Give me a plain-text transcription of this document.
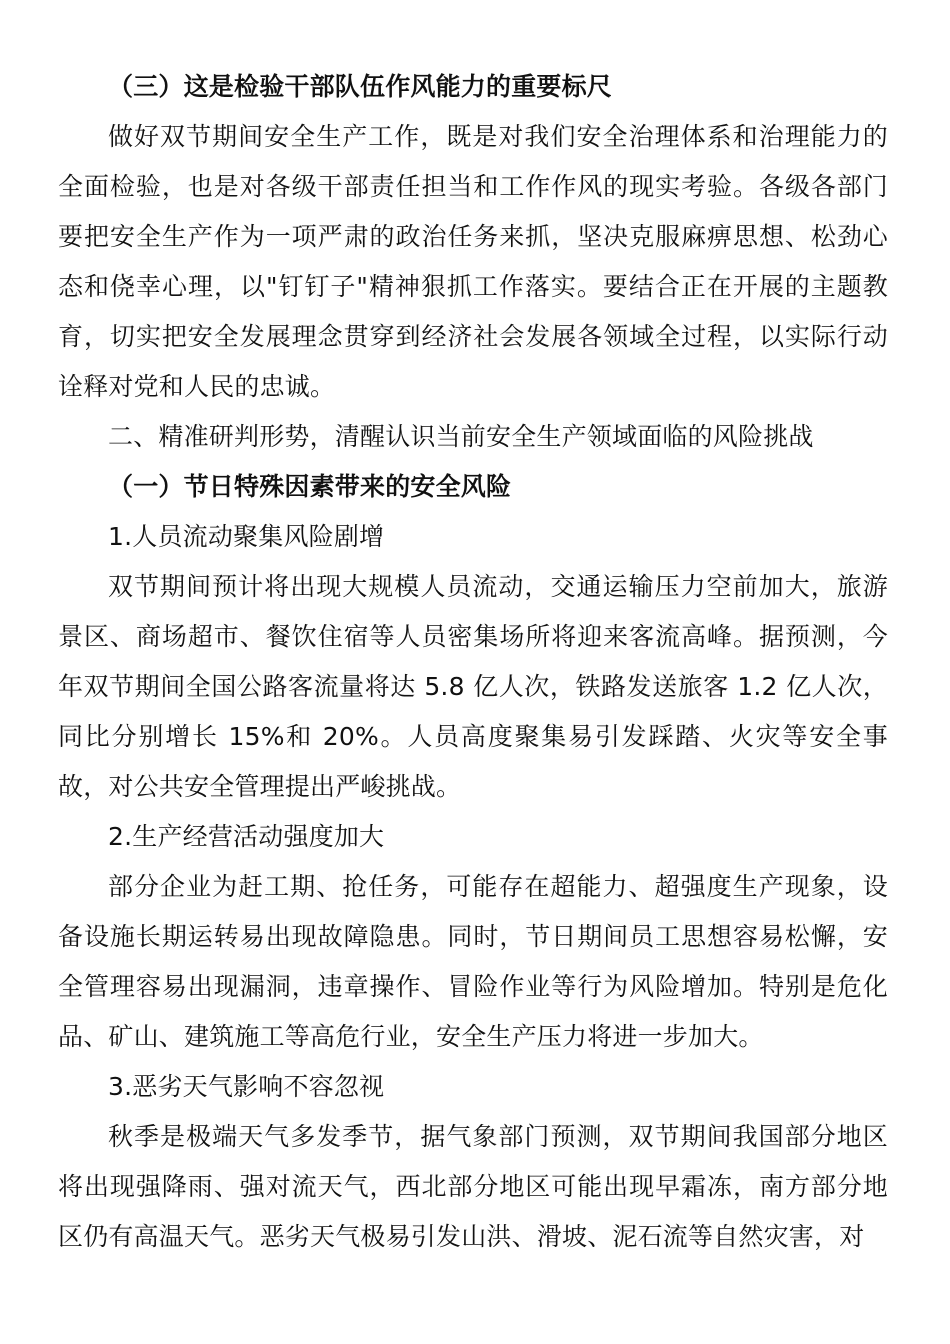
（三）这是检验干部队伍作风能力的重要标尺

做好双节期间安全生产工作，既是对我们安全治理体系和治理能力的全面检验，也是对各级干部责任担当和工作作风的现实考验。各级各部门要把安全生产作为一项严肃的政治任务来抓，坚决克服麻痹思想、松劲心态和侥幸心理，以"钉钉子"精神狠抓工作落实。要结合正在开展的主题教育，切实把安全发展理念贯穿到经济社会发展各领域全过程，以实际行动诠释对党和人民的忠诚。

二、精准研判形势，清醒认识当前安全生产领域面临的风险挑战

（一）节日特殊因素带来的安全风险

1.人员流动聚集风险剧增

双节期间预计将出现大规模人员流动，交通运输压力空前加大，旅游景区、商场超市、餐饮住宿等人员密集场所将迎来客流高峰。据预测，今年双节期间全国公路客流量将达 5.8 亿人次，铁路发送旅客 1.2 亿人次，同比分别增长 15%和 20%。人员高度聚集易引发踩踏、火灾等安全事故，对公共安全管理提出严峻挑战。

2.生产经营活动强度加大

部分企业为赶工期、抢任务，可能存在超能力、超强度生产现象，设备设施长期运转易出现故障隐患。同时，节日期间员工思想容易松懈，安全管理容易出现漏洞，违章操作、冒险作业等行为风险增加。特别是危化品、矿山、建筑施工等高危行业，安全生产压力将进一步加大。

3.恶劣天气影响不容忽视

秋季是极端天气多发季节，据气象部门预测，双节期间我国部分地区将出现强降雨、强对流天气，西北部分地区可能出现早霜冻，南方部分地区仍有高温天气。恶劣天气极易引发山洪、滑坡、泥石流等自然灾害，对
